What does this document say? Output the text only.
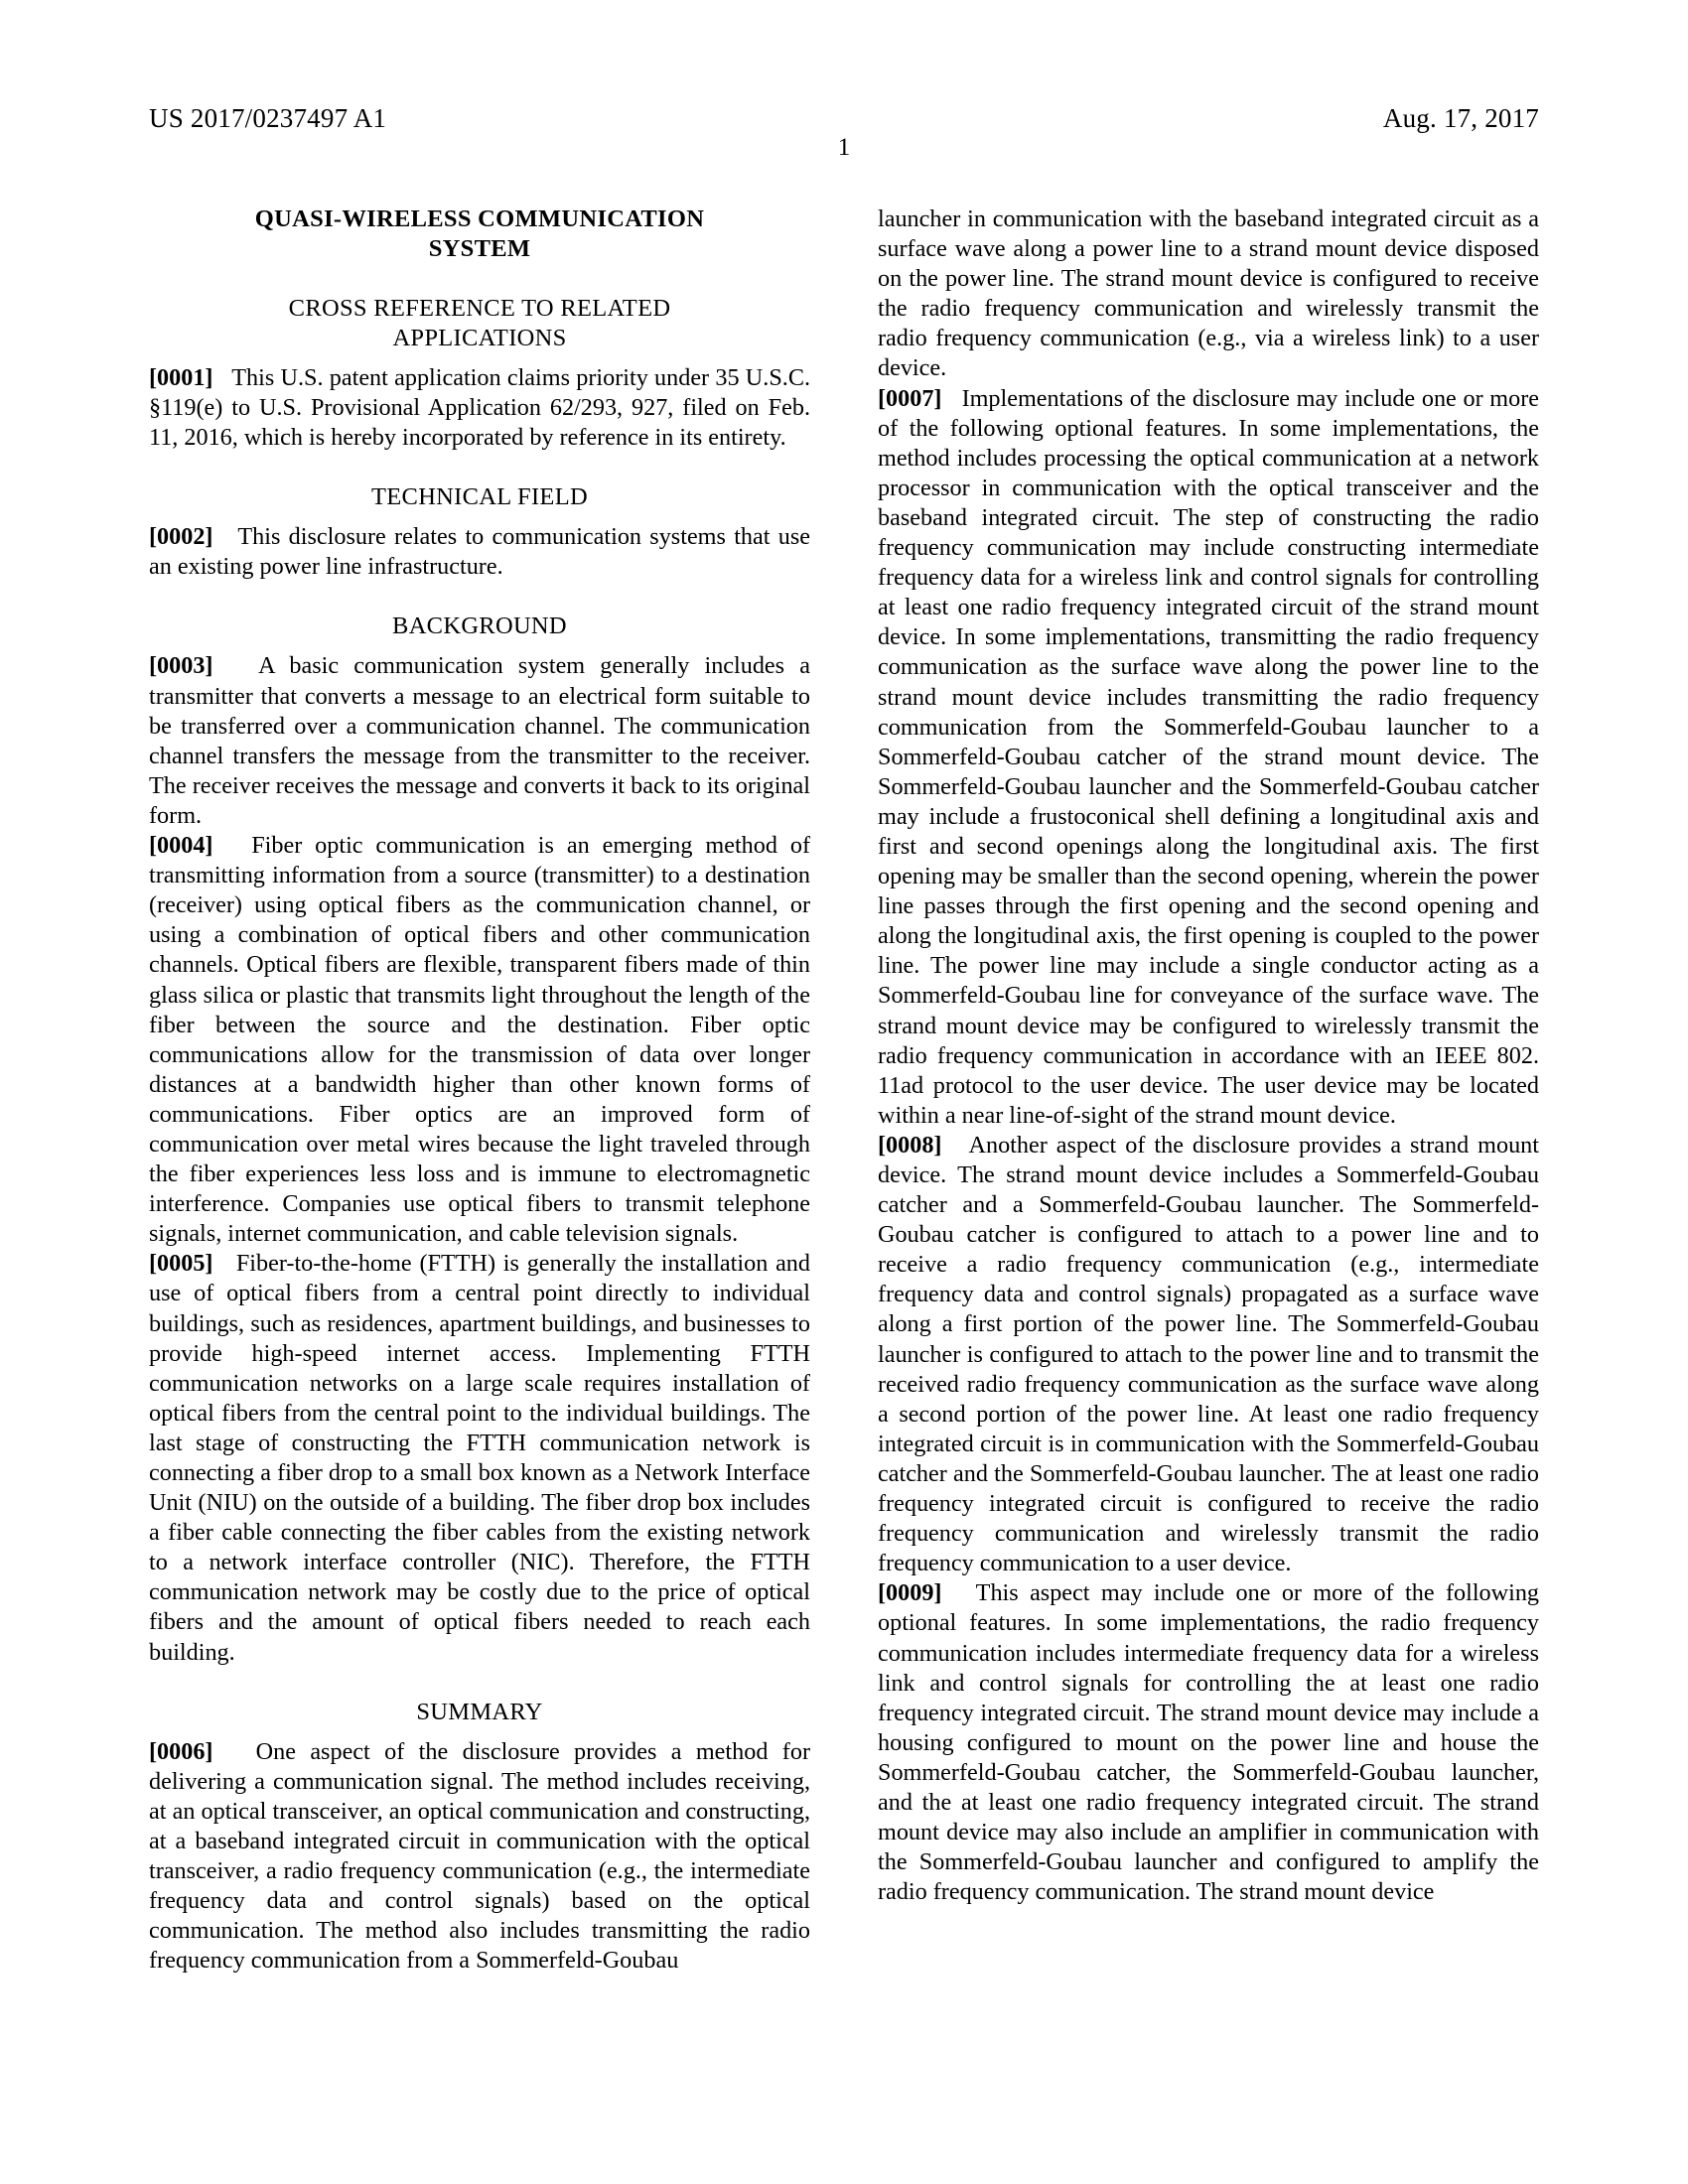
US 2017/0237497 A1	Aug. 17, 2017
1
QUASI-WIRELESS COMMUNICATION
SYSTEM
CROSS REFERENCE TO RELATED
APPLICATIONS

[0001] This U.S. patent application claims priority under 35 U.S.C. §119(e) to U.S. Provisional Application 62/293, 927, filed on Feb. 11, 2016, which is hereby incorporated by reference in its entirety.

TECHNICAL FIELD

[0002] This disclosure relates to communication systems that use an existing power line infrastructure.

BACKGROUND

[0003] A basic communication system generally includes a transmitter that converts a message to an electrical form suitable to be transferred over a communication channel. The communication channel transfers the message from the transmitter to the receiver. The receiver receives the message and converts it back to its original form.

[0004] Fiber optic communication is an emerging method of transmitting information from a source (transmitter) to a destination (receiver) using optical fibers as the communication channel, or using a combination of optical fibers and other communication channels. Optical fibers are flexible, transparent fibers made of thin glass silica or plastic that transmits light throughout the length of the fiber between the source and the destination. Fiber optic communications allow for the transmission of data over longer distances at a bandwidth higher than other known forms of communications. Fiber optics are an improved form of communication over metal wires because the light traveled through the fiber experiences less loss and is immune to electromagnetic interference. Companies use optical fibers to transmit telephone signals, internet communication, and cable television signals.

[0005] Fiber-to-the-home (FTTH) is generally the installation and use of optical fibers from a central point directly to individual buildings, such as residences, apartment buildings, and businesses to provide high-speed internet access. Implementing FTTH communication networks on a large scale requires installation of optical fibers from the central point to the individual buildings. The last stage of constructing the FTTH communication network is connecting a fiber drop to a small box known as a Network Interface Unit (NIU) on the outside of a building. The fiber drop box includes a fiber cable connecting the fiber cables from the existing network to a network interface controller (NIC). Therefore, the FTTH communication network may be costly due to the price of optical fibers and the amount of optical fibers needed to reach each building.

SUMMARY

[0006] One aspect of the disclosure provides a method for delivering a communication signal. The method includes receiving, at an optical transceiver, an optical communication and constructing, at a baseband integrated circuit in communication with the optical transceiver, a radio frequency communication (e.g., the intermediate frequency data and control signals) based on the optical communication. The method also includes transmitting the radio frequency communication from a Sommerfeld-Goubau

launcher in communication with the baseband integrated circuit as a surface wave along a power line to a strand mount device disposed on the power line. The strand mount device is configured to receive the radio frequency communication and wirelessly transmit the radio frequency communication (e.g., via a wireless link) to a user device.

[0007] Implementations of the disclosure may include one or more of the following optional features. In some implementations, the method includes processing the optical communication at a network processor in communication with the optical transceiver and the baseband integrated circuit. The step of constructing the radio frequency communication may include constructing intermediate frequency data for a wireless link and control signals for controlling at least one radio frequency integrated circuit of the strand mount device. In some implementations, transmitting the radio frequency communication as the surface wave along the power line to the strand mount device includes transmitting the radio frequency communication from the Sommerfeld-Goubau launcher to a Sommerfeld-Goubau catcher of the strand mount device. The Sommerfeld-Goubau launcher and the Sommerfeld-Goubau catcher may include a frustoconical shell defining a longitudinal axis and first and second openings along the longitudinal axis. The first opening may be smaller than the second opening, wherein the power line passes through the first opening and the second opening and along the longitudinal axis, the first opening is coupled to the power line. The power line may include a single conductor acting as a Sommerfeld-Goubau line for conveyance of the surface wave. The strand mount device may be configured to wirelessly transmit the radio frequency communication in accordance with an IEEE 802. 11ad protocol to the user device. The user device may be located within a near line-of-sight of the strand mount device.

[0008] Another aspect of the disclosure provides a strand mount device. The strand mount device includes a Sommerfeld-Goubau catcher and a Sommerfeld-Goubau launcher. The Sommerfeld-Goubau catcher is configured to attach to a power line and to receive a radio frequency communication (e.g., intermediate frequency data and control signals) propagated as a surface wave along a first portion of the power line. The Sommerfeld-Goubau launcher is configured to attach to the power line and to transmit the received radio frequency communication as the surface wave along a second portion of the power line. At least one radio frequency integrated circuit is in communication with the Sommerfeld-Goubau catcher and the Sommerfeld-Goubau launcher. The at least one radio frequency integrated circuit is configured to receive the radio frequency communication and wirelessly transmit the radio frequency communication to a user device.

[0009] This aspect may include one or more of the following optional features. In some implementations, the radio frequency communication includes intermediate frequency data for a wireless link and control signals for controlling the at least one radio frequency integrated circuit. The strand mount device may include a housing configured to mount on the power line and house the Sommerfeld-Goubau catcher, the Sommerfeld-Goubau launcher, and the at least one radio frequency integrated circuit. The strand mount device may also include an amplifier in communication with the Sommerfeld-Goubau launcher and configured to amplify the radio frequency communication. The strand mount device
